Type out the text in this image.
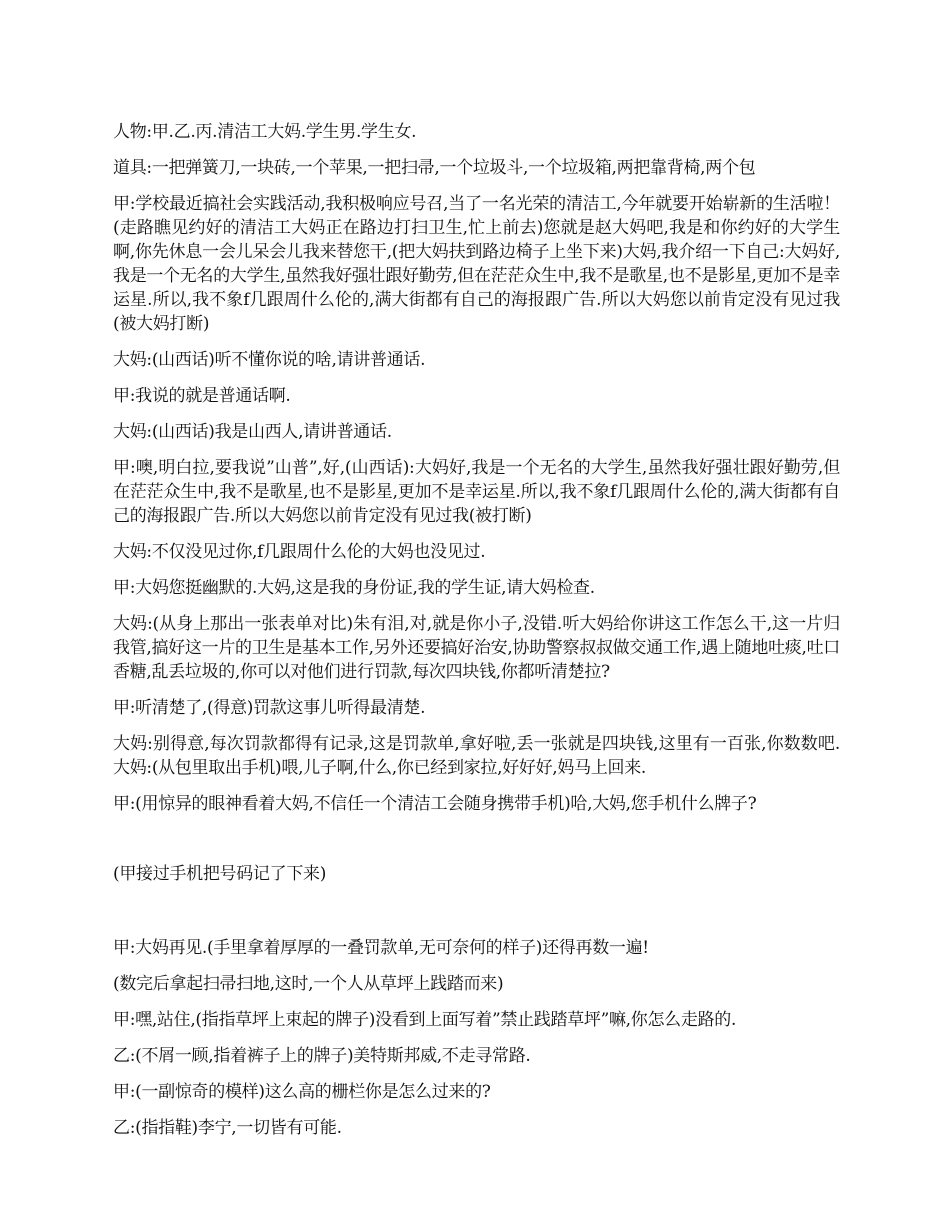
人物:甲.乙.丙.清洁工大妈.学生男.学生女.

道具:一把弹簧刀,一块砖,一个苹果,一把扫帚,一个垃圾斗,一个垃圾箱,两把靠背椅,两个包

甲:学校最近搞社会实践活动,我积极响应号召,当了一名光荣的清洁工,今年就要开始崭新的生活啦！(走路瞧见约好的清洁工大妈正在路边打扫卫生,忙上前去)您就是赵大妈吧,我是和你约好的大学生啊,你先休息一会儿呆会儿我来替您干,(把大妈扶到路边椅子上坐下来)大妈,我介绍一下自己:大妈好,我是一个无名的大学生,虽然我好强壮跟好勤劳,但在茫茫众生中,我不是歌星,也不是影星,更加不是幸运星.所以,我不象f几跟周什么伦的,满大街都有自己的海报跟广告.所以大妈您以前肯定没有见过我(被大妈打断)

大妈:(山西话)听不懂你说的啥,请讲普通话.

甲:我说的就是普通话啊.

大妈:(山西话)我是山西人,请讲普通话.

甲:噢,明白拉,要我说”山普”,好,(山西话):大妈好,我是一个无名的大学生,虽然我好强壮跟好勤劳,但在茫茫众生中,我不是歌星,也不是影星,更加不是幸运星.所以,我不象f几跟周什么伦的,满大街都有自己的海报跟广告.所以大妈您以前肯定没有见过我(被打断)

大妈:不仅没见过你,f几跟周什么伦的大妈也没见过.

甲:大妈您挺幽默的.大妈,这是我的身份证,我的学生证,请大妈检查.

大妈:(从身上那出一张表单对比)朱有泪,对,就是你小子,没错.听大妈给你讲这工作怎么干,这一片归我管,搞好这一片的卫生是基本工作,另外还要搞好治安,协助警察叔叔做交通工作,遇上随地吐痰,吐口香糖,乱丢垃圾的,你可以对他们进行罚款,每次四块钱,你都听清楚拉?

甲:听清楚了,(得意)罚款这事儿听得最清楚.

大妈:别得意,每次罚款都得有记录,这是罚款单,拿好啦,丢一张就是四块钱,这里有一百张,你数数吧. 大妈:(从包里取出手机)喂,儿子啊,什么,你已经到家拉,好好好,妈马上回来.

甲:(用惊异的眼神看着大妈,不信任一个清洁工会随身携带手机)哈,大妈,您手机什么牌子?

(甲接过手机把号码记了下来)

甲:大妈再见.(手里拿着厚厚的一叠罚款单,无可奈何的样子)还得再数一遍!

(数完后拿起扫帚扫地,这时,一个人从草坪上践踏而来)

甲:嘿,站住,(指指草坪上束起的牌子)没看到上面写着”禁止践踏草坪”嘛,你怎么走路的.

乙:(不屑一顾,指着裤子上的牌子)美特斯邦威,不走寻常路.

甲:(一副惊奇的模样)这么高的栅栏你是怎么过来的?

乙:(指指鞋)李宁,一切皆有可能.
